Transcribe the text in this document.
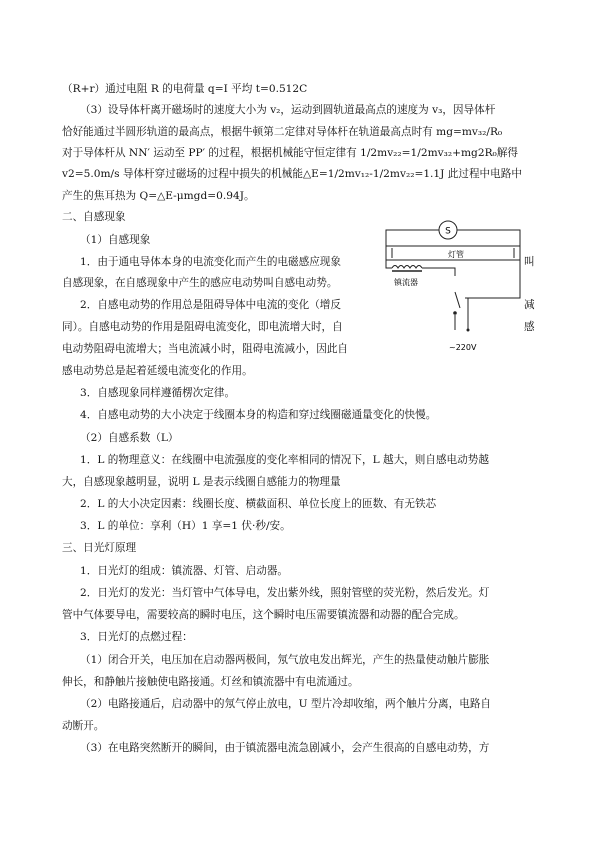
（R+r）通过电阻 R 的电荷量 q=I 平均 t=0.512C
（3）设导体杆离开磁场时的速度大小为 v₂，运动到圆轨道最高点的速度为 v₃，因导体杆
恰好能通过半圆形轨道的最高点，根据牛顿第二定律对导体杆在轨道最高点时有 mg=mv₃₂/R₀
对于导体杆从 NN′ 运动至 PP′ 的过程，根据机械能守恒定律有 1/2mv₂₂=1/2mv₃₂+mg2R₀解得
v2=5.0m/s 导体杆穿过磁场的过程中损失的机械能△E=1/2mv₁₂-1/2mv₂₂=1.1J 此过程中电路中
产生的焦耳热为 Q=△E-μmgd=0.94J。
二、自感现象
（1）自感现象
1．由于通电导体本身的电流变化而产生的电磁感应现象
自感现象，在自感现象中产生的感应电动势叫自感电动势。
2．自感电动势的作用总是阻碍导体中电流的变化（增反
同）。自感电动势的作用是阻碍电流变化，即电流增大时，自
电动势阻碍电流增大；当电流减小时，阻碍电流减小，因此自
感电动势总是起着延缓电流变化的作用。
3．自感现象同样遵循楞次定律。
4．自感电动势的大小决定于线圈本身的构造和穿过线圈磁通量变化的快慢。
（2）自感系数（L）
1．L 的物理意义：在线圈中电流强度的变化率相同的情况下，L 越大，则自感电动势越
大，自感现象越明显，说明 L 是表示线圈自感能力的物理量
2．L 的大小决定因素：线圈长度、横截面积、单位长度上的匝数、有无铁芯
3．L 的单位：享利（H）1 享=1 伏·秒/安。
三、日光灯原理
1．日光灯的组成：镇流器、灯管、启动器。
2．日光灯的发光：当灯管中气体导电，发出紫外线，照射管壁的荧光粉，然后发光。灯
管中气体要导电，需要较高的瞬时电压，这个瞬时电压需要镇流器和动器的配合完成。
3．日光灯的点燃过程：
（1）闭合开关，电压加在启动器两极间，氖气放电发出辉光，产生的热量使动触片膨胀
伸长，和静触片接触使电路接通。灯丝和镇流器中有电流通过。
（2）电路接通后，启动器中的氖气停止放电，U 型片冷却收缩，两个触片分离，电路自
动断开。
（3）在电路突然断开的瞬间，由于镇流器电流急剧减小，会产生很高的自感电动势，方
叫
减
感
S
灯管
镇流器
~220V
